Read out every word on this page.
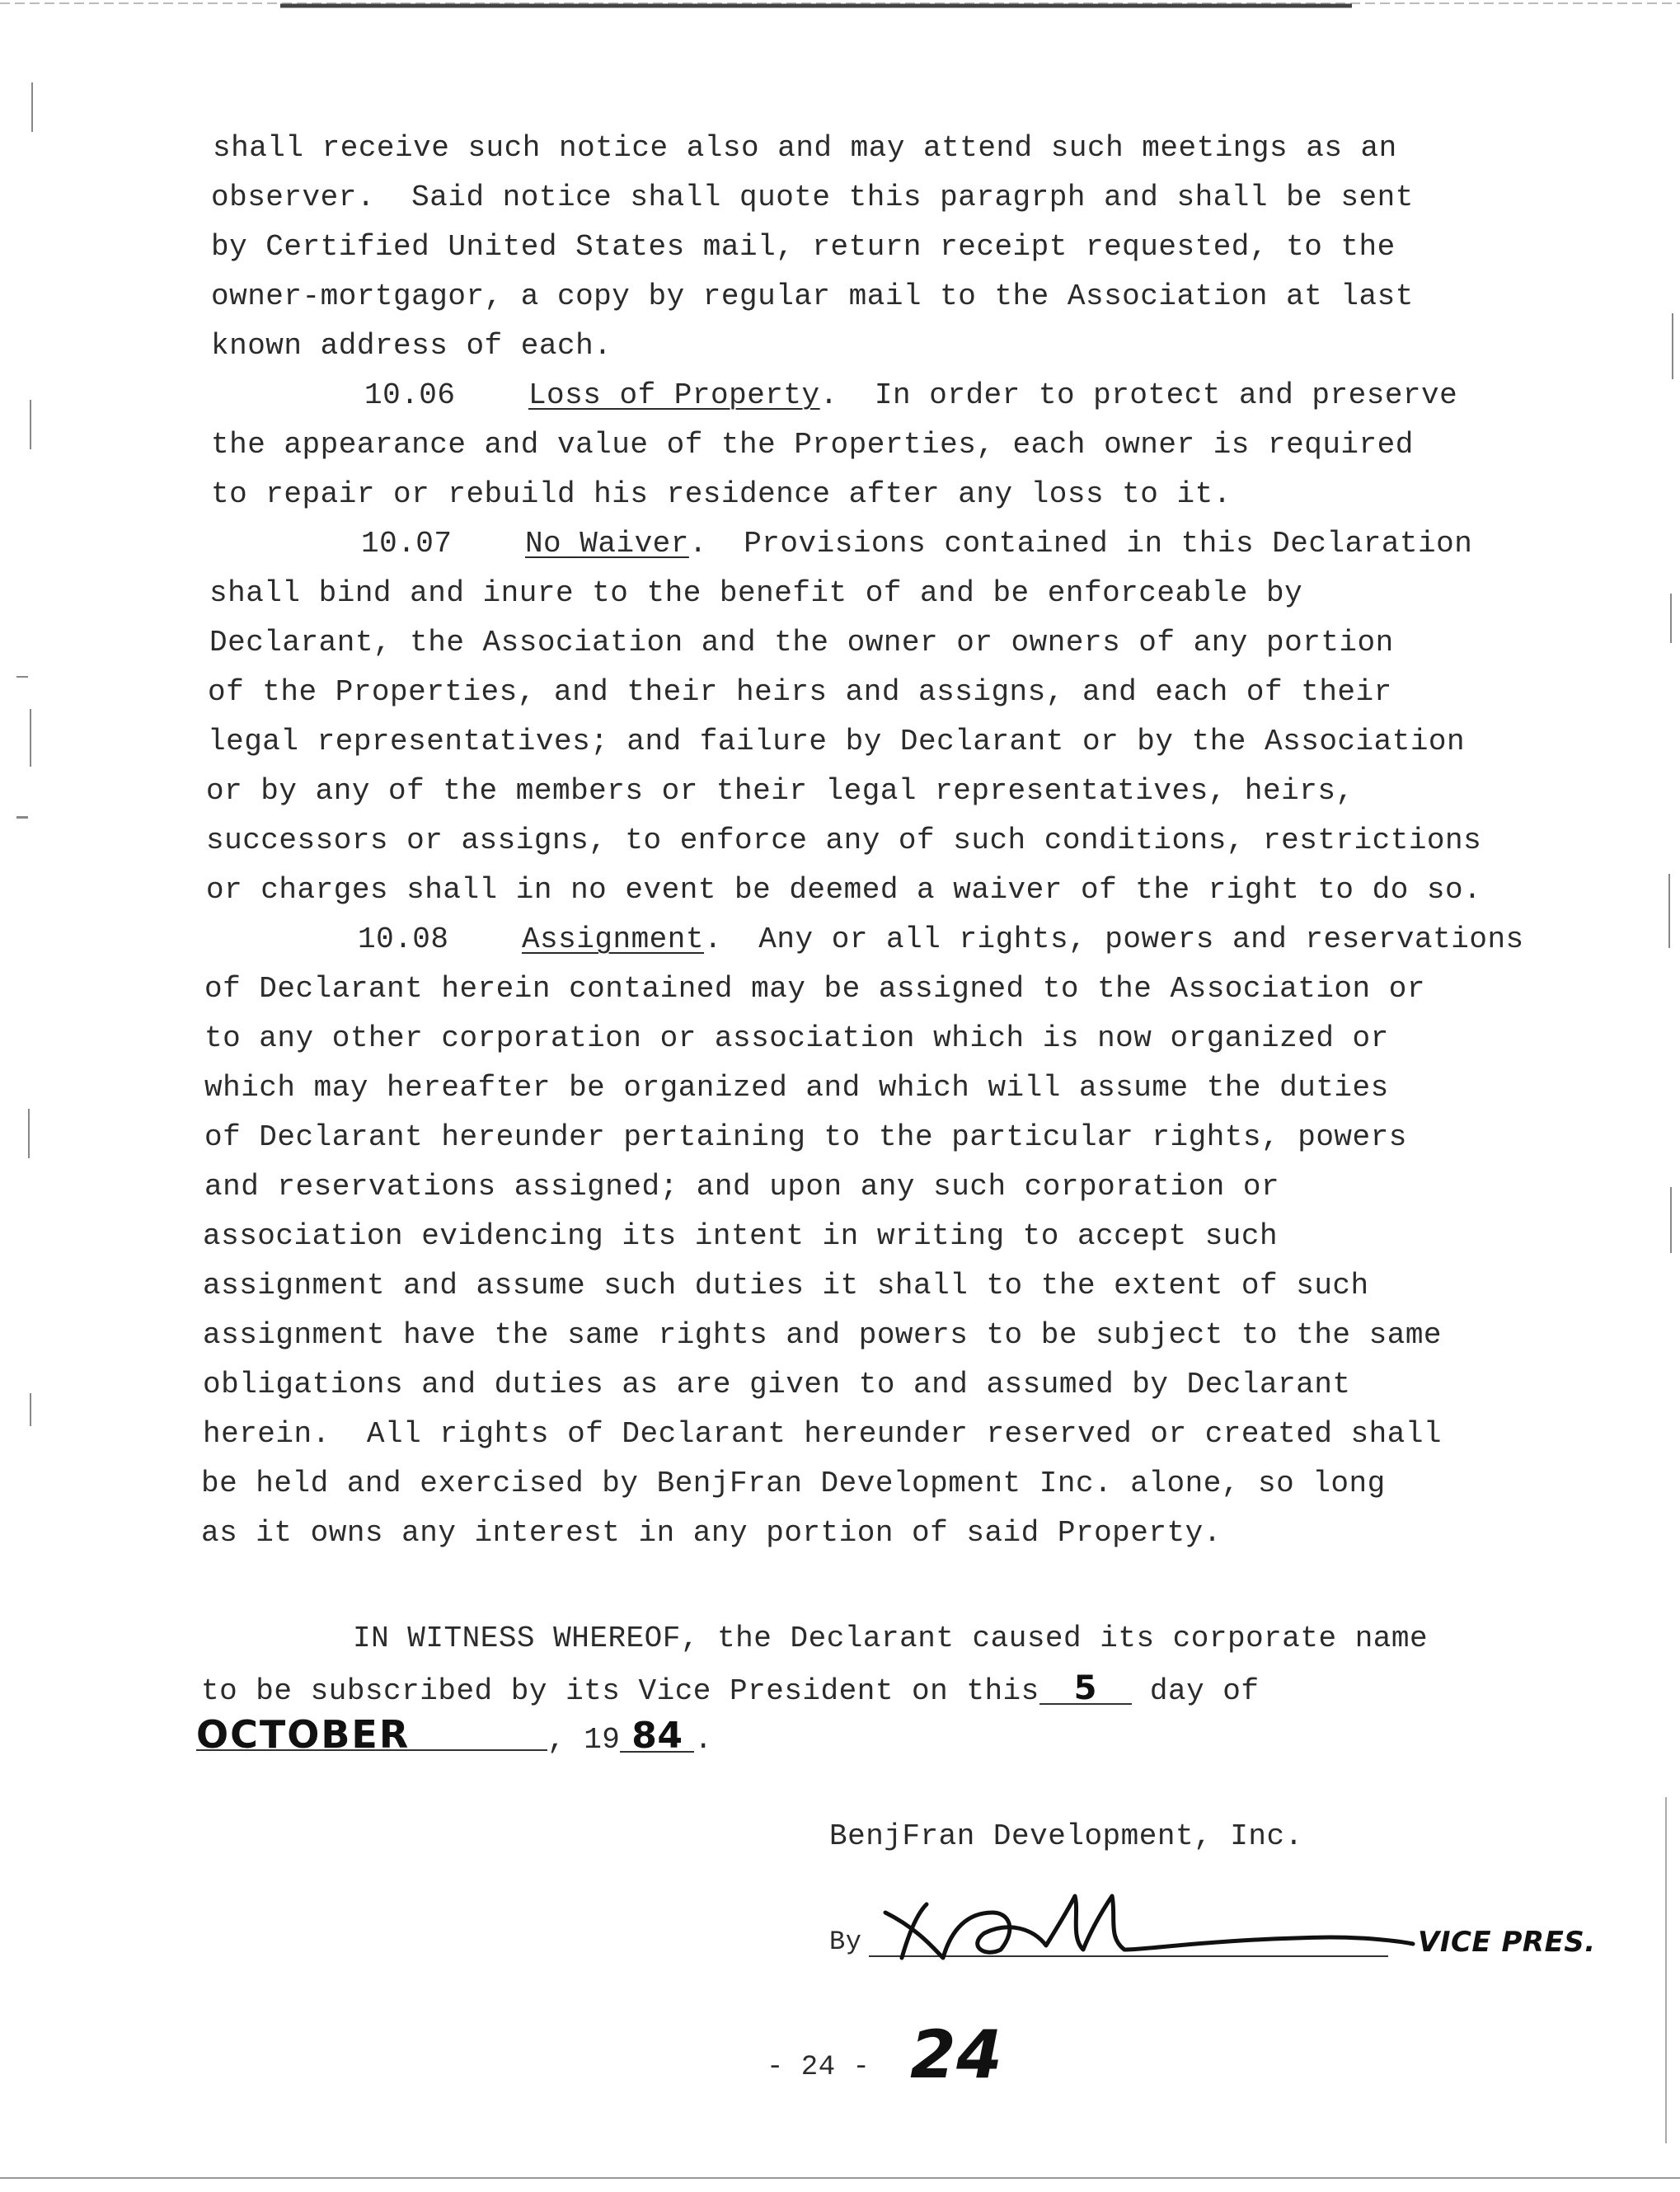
shall receive such notice also and may attend such meetings as an
observer.  Said notice shall quote this paragrph and shall be sent
by Certified United States mail, return receipt requested, to the
owner-mortgagor, a copy by regular mail to the Association at last
known address of each.
10.06 Loss of Property.  In order to protect and preserve
the appearance and value of the Properties, each owner is required
to repair or rebuild his residence after any loss to it.
10.07 No Waiver.  Provisions contained in this Declaration
shall bind and inure to the benefit of and be enforceable by
Declarant, the Association and the owner or owners of any portion
of the Properties, and their heirs and assigns, and each of their
legal representatives; and failure by Declarant or by the Association
or by any of the members or their legal representatives, heirs,
successors or assigns, to enforce any of such conditions, restrictions
or charges shall in no event be deemed a waiver of the right to do so.
10.08 Assignment.  Any or all rights, powers and reservations
of Declarant herein contained may be assigned to the Association or
to any other corporation or association which is now organized or
which may hereafter be organized and which will assume the duties
of Declarant hereunder pertaining to the particular rights, powers
and reservations assigned; and upon any such corporation or
association evidencing its intent in writing to accept such
assignment and assume such duties it shall to the extent of such
assignment have the same rights and powers to be subject to the same
obligations and duties as are given to and assumed by Declarant
herein.  All rights of Declarant hereunder reserved or created shall
be held and exercised by BenjFran Development Inc. alone, so long
as it owns any interest in any portion of said Property.
IN WITNESS WHEREOF, the Declarant caused its corporate name
to be subscribed by its Vice President on this 5 day of
OCTOBER	, 19 84 .
BenjFran Development, Inc.
By	VICE PRES.
- 24 - 24
